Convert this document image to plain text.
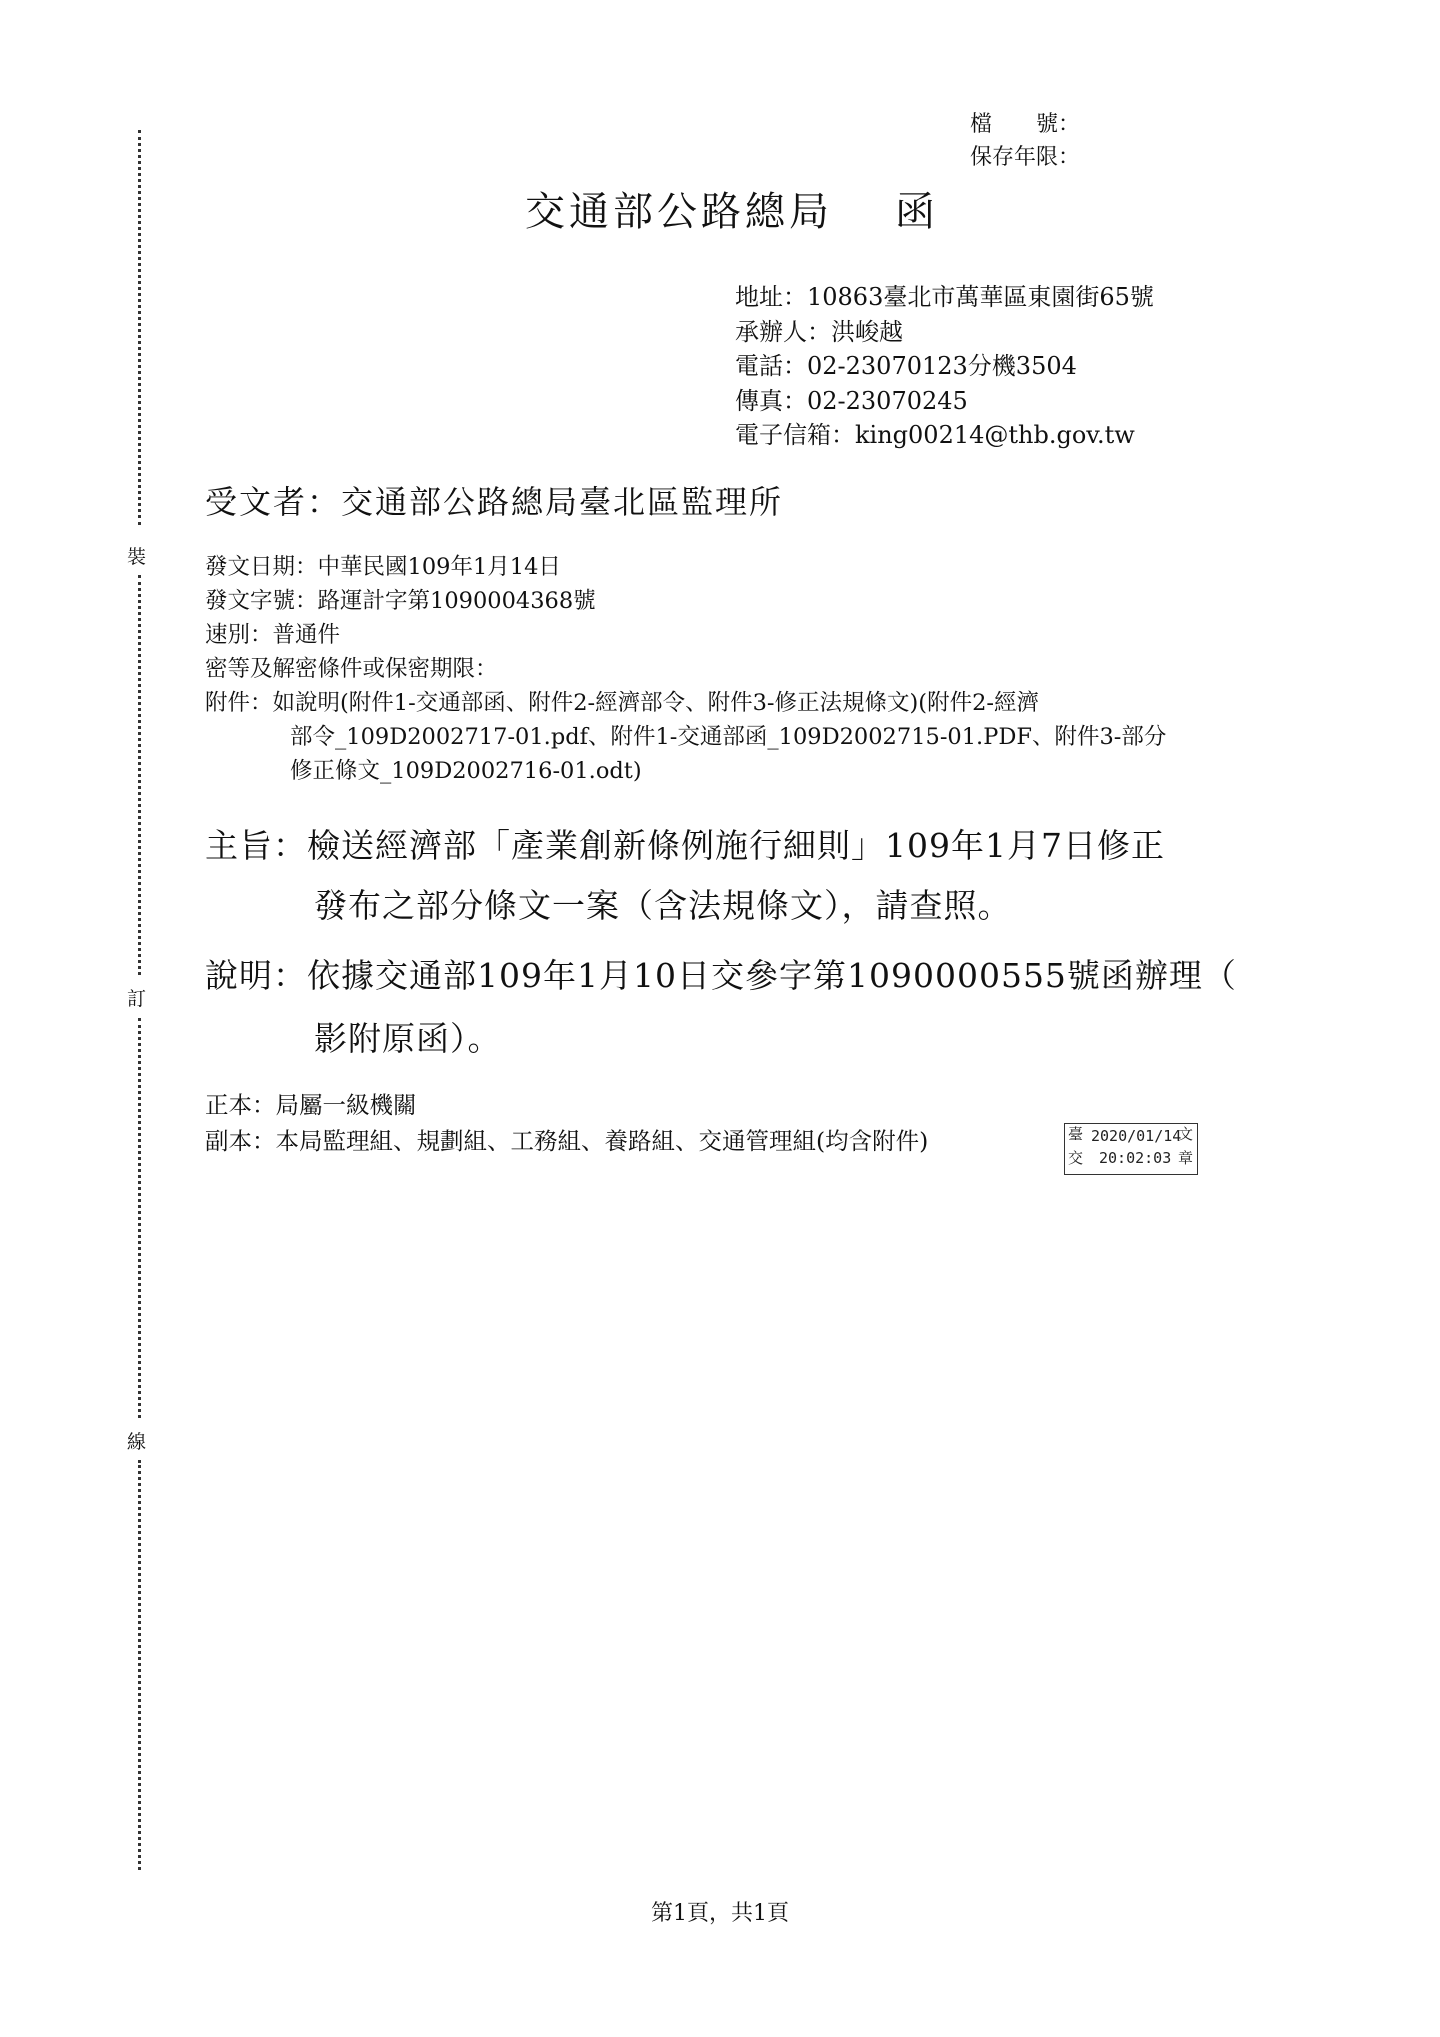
裝
訂
線
檔　　號：
保存年限：
交通部公路總局 函
地址：10863臺北市萬華區東園街65號
承辦人：洪峻越
電話：02-23070123分機3504
傳真：02-23070245
電子信箱：king00214@thb.gov.tw
受文者：交通部公路總局臺北區監理所
發文日期：中華民國109年1月14日
發文字號：路運計字第1090004368號
速別：普通件
密等及解密條件或保密期限：
附件：如說明(附件1-交通部函、附件2-經濟部令、附件3-修正法規條文)(附件2-經濟
部令_109D2002717-01.pdf、附件1-交通部函_109D2002715-01.PDF、附件3-部分
修正條文_109D2002716-01.odt)
主旨：檢送經濟部「產業創新條例施行細則」109年1月7日修正
發布之部分條文一案（含法規條文），請查照。
說明：依據交通部109年1月10日交參字第1090000555號函辦理（
影附原函）。
正本：局屬一級機關
副本：本局監理組、規劃組、工務組、養路組、交通管理組(均含附件)	臺
交
2020/01/14
20:02:03
文
章
第1頁，共1頁
